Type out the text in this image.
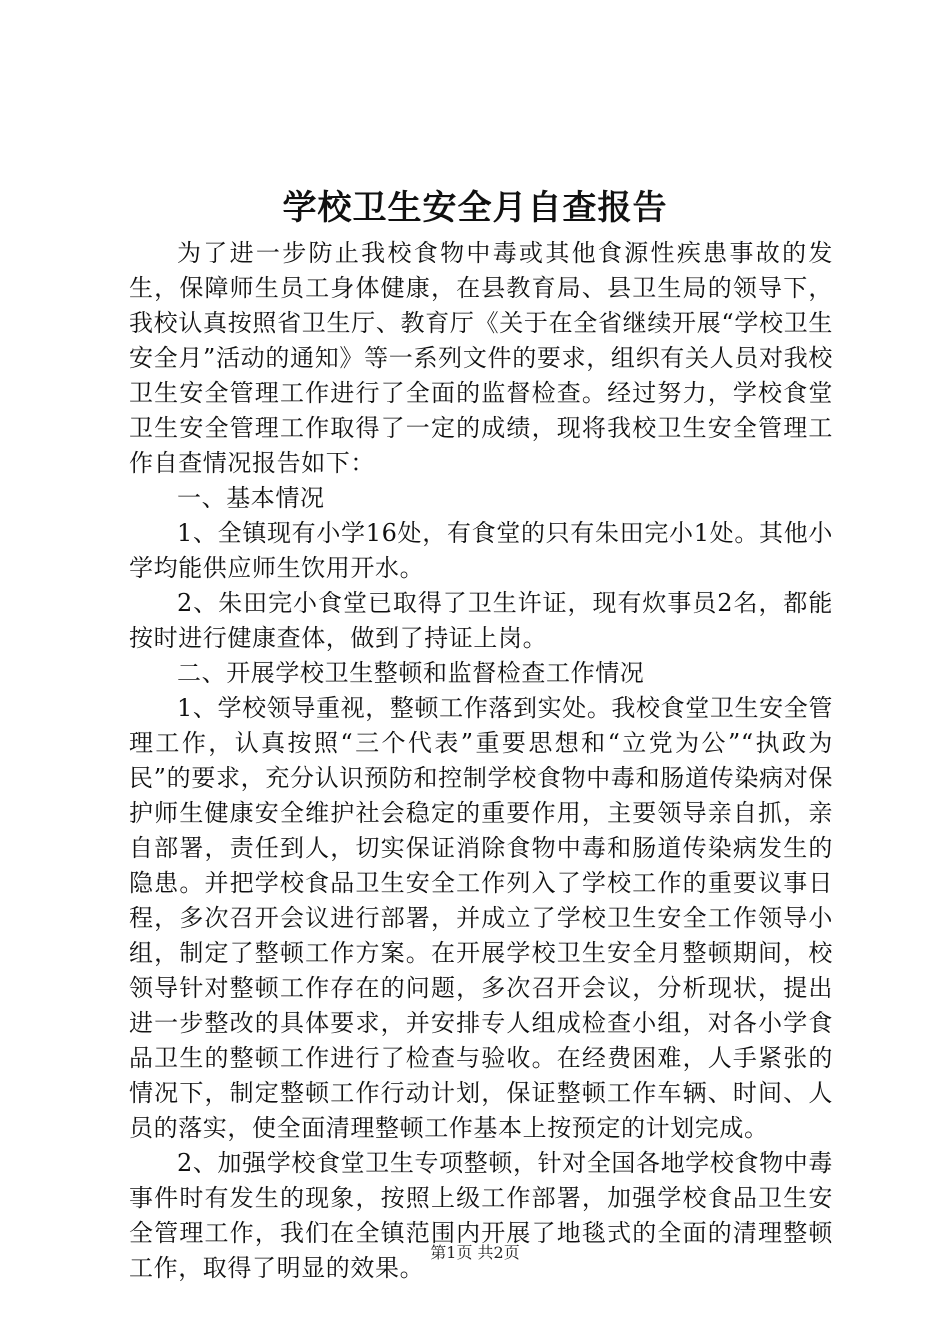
学校卫生安全月自查报告

为了进一步防止我校食物中毒或其他食源性疾患事故的发生，保障师生员工身体健康，在县教育局、县卫生局的领导下，我校认真按照省卫生厅、教育厅《关于在全省继续开展“学校卫生安全月”活动的通知》等一系列文件的要求，组织有关人员对我校卫生安全管理工作进行了全面的监督检查。经过努力，学校食堂卫生安全管理工作取得了一定的成绩，现将我校卫生安全管理工作自查情况报告如下：

一、基本情况

1、全镇现有小学16处，有食堂的只有朱田完小1处。其他小学均能供应师生饮用开水。

2、朱田完小食堂已取得了卫生许证，现有炊事员2名，都能按时进行健康查体，做到了持证上岗。

二、开展学校卫生整顿和监督检查工作情况

1、学校领导重视，整顿工作落到实处。我校食堂卫生安全管理工作，认真按照“三个代表”重要思想和“立党为公”“执政为民”的要求，充分认识预防和控制学校食物中毒和肠道传染病对保护师生健康安全维护社会稳定的重要作用，主要领导亲自抓，亲自部署，责任到人，切实保证消除食物中毒和肠道传染病发生的隐患。并把学校食品卫生安全工作列入了学校工作的重要议事日程，多次召开会议进行部署，并成立了学校卫生安全工作领导小组，制定了整顿工作方案。在开展学校卫生安全月整顿期间，校领导针对整顿工作存在的问题，多次召开会议，分析现状，提出进一步整改的具体要求，并安排专人组成检查小组，对各小学食品卫生的整顿工作进行了检查与验收。在经费困难，人手紧张的情况下，制定整顿工作行动计划，保证整顿工作车辆、时间、人员的落实，使全面清理整顿工作基本上按预定的计划完成。

2、加强学校食堂卫生专项整顿，针对全国各地学校食物中毒事件时有发生的现象，按照上级工作部署，加强学校食品卫生安全管理工作，我们在全镇范围内开展了地毯式的全面的清理整顿工作，取得了明显的效果。

第1页 共2页
